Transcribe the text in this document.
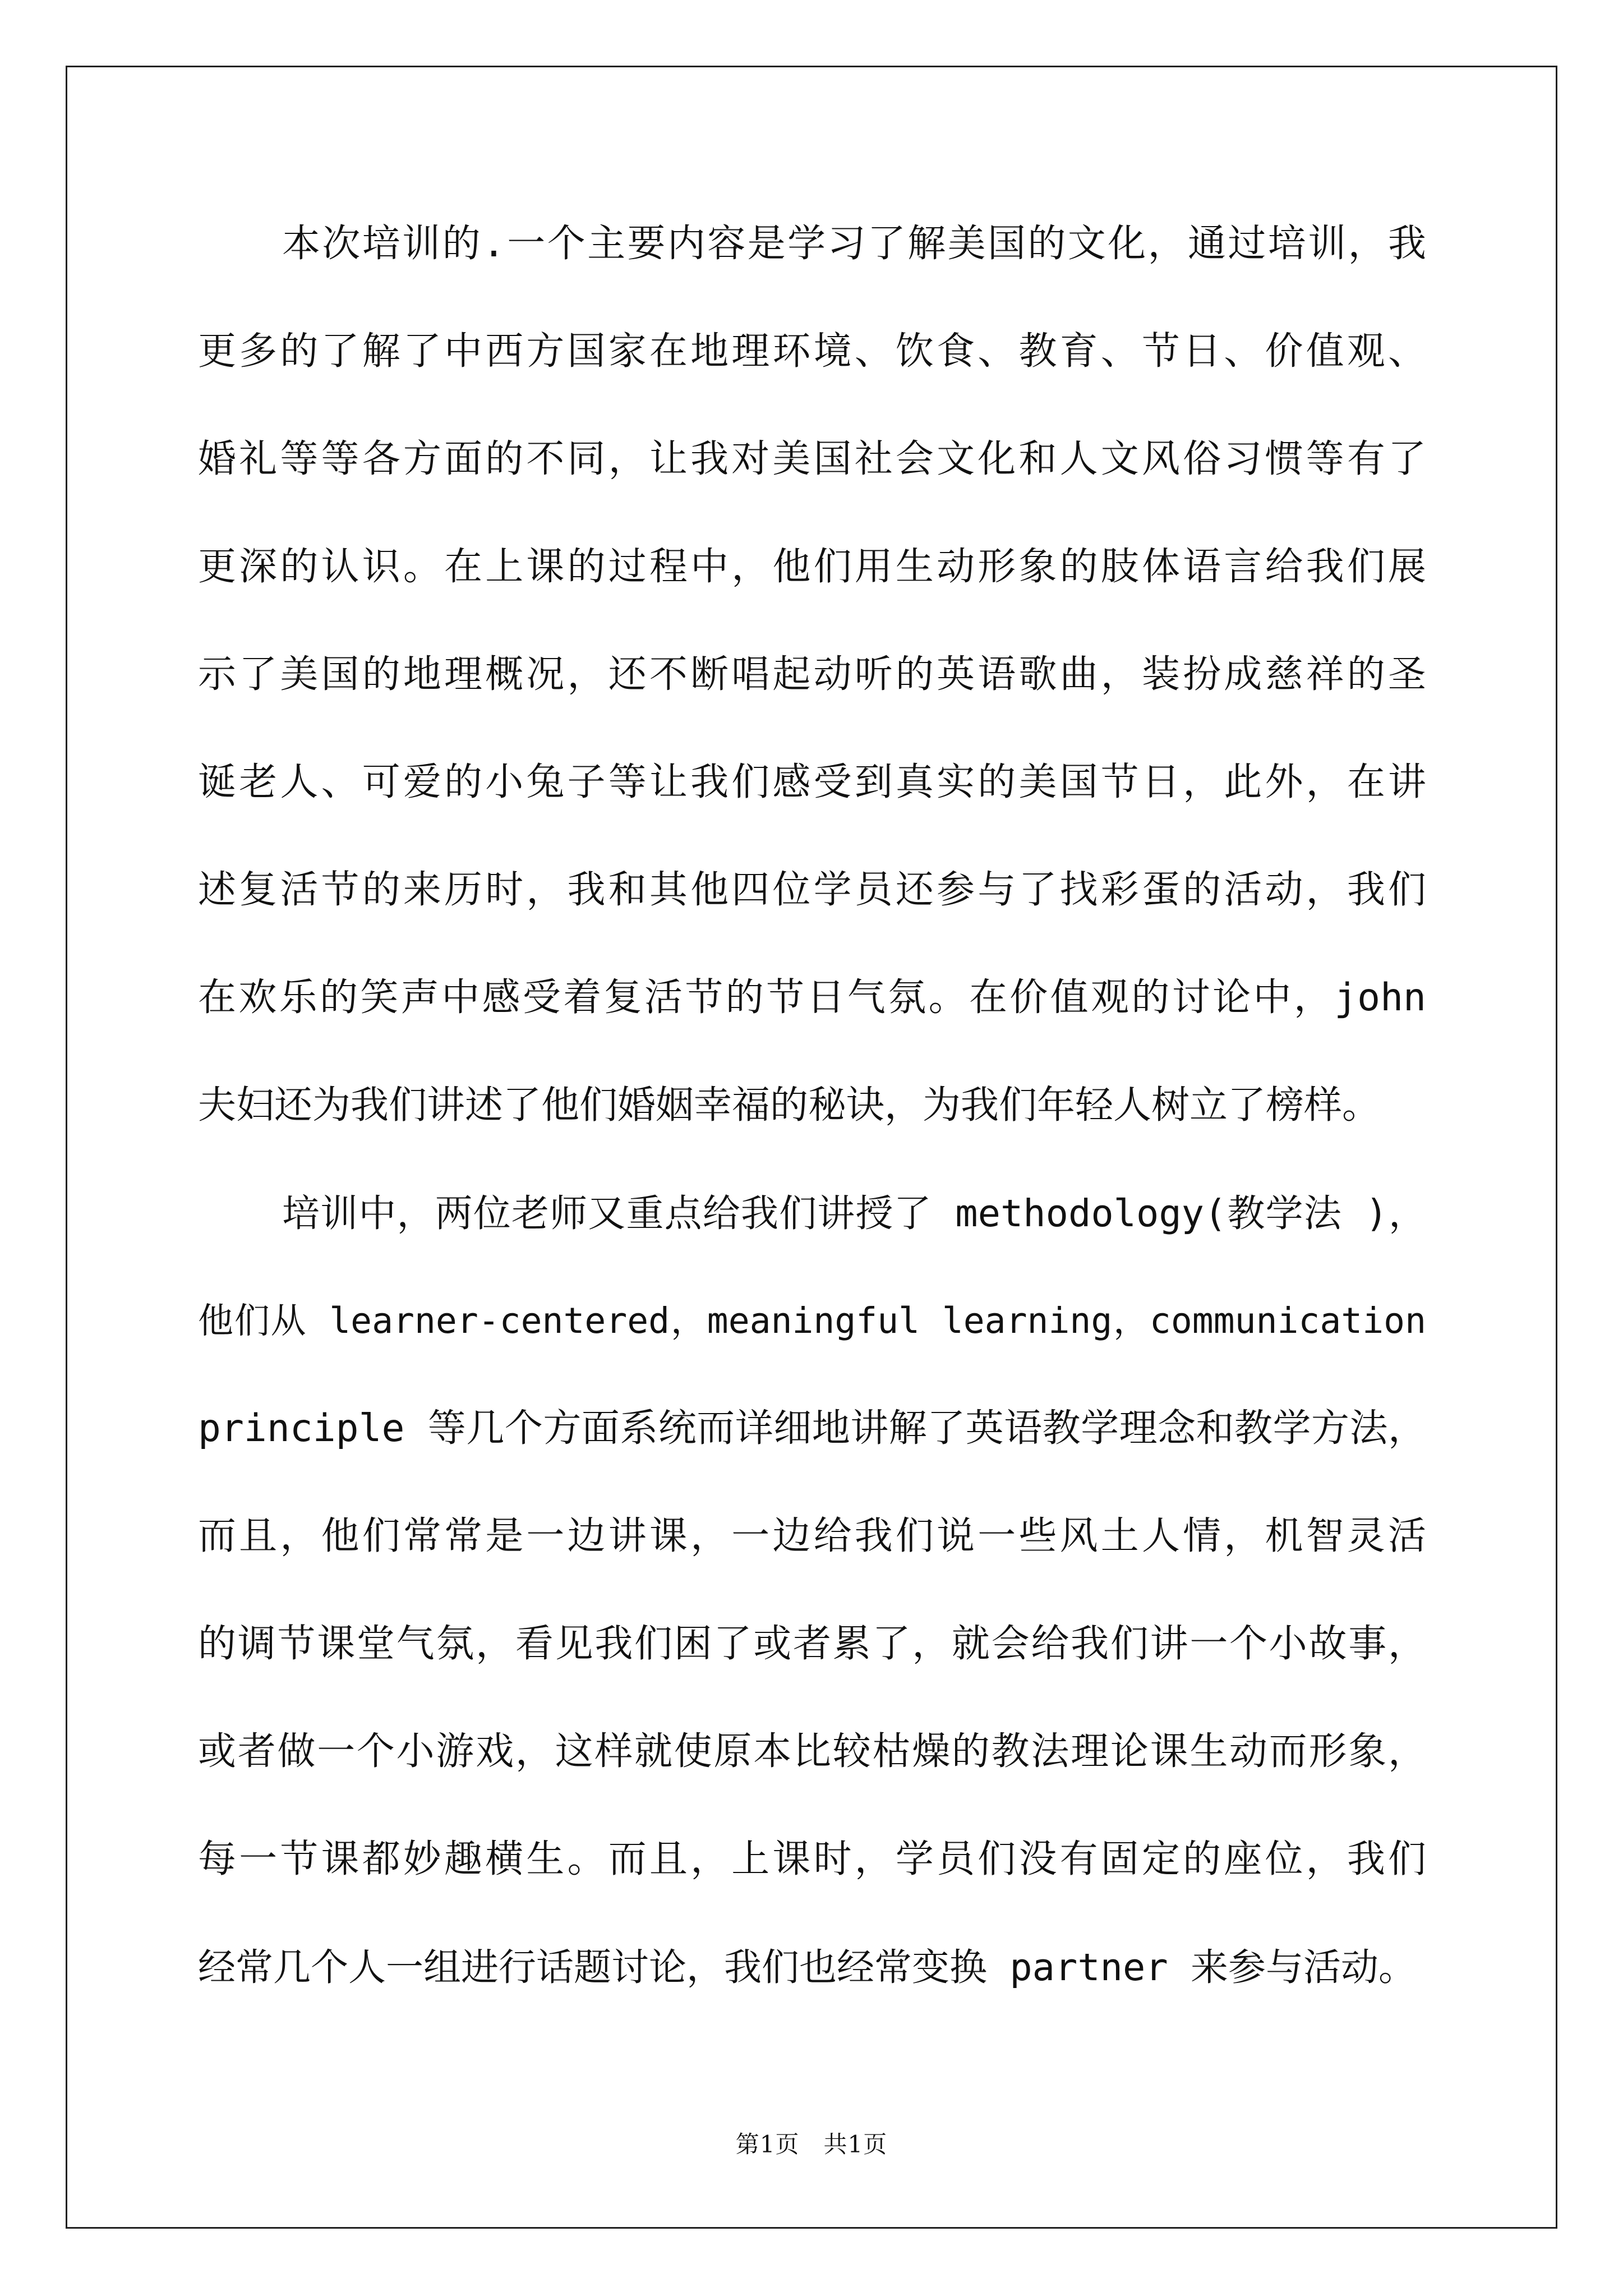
本次培训的.一个主要内容是学习了解美国的文化，通过培训，我
更多的了解了中西方国家在地理环境、饮食、教育、节日、价值观、
婚礼等等各方面的不同，让我对美国社会文化和人文风俗习惯等有了
更深的认识。在上课的过程中，他们用生动形象的肢体语言给我们展
示了美国的地理概况，还不断唱起动听的英语歌曲，装扮成慈祥的圣
诞老人、可爱的小兔子等让我们感受到真实的美国节日，此外，在讲
述复活节的来历时，我和其他四位学员还参与了找彩蛋的活动，我们
在欢乐的笑声中感受着复活节的节日气氛。在价值观的讨论中，john
夫妇还为我们讲述了他们婚姻幸福的秘诀，为我们年轻人树立了榜样。
培训中，两位老师又重点给我们讲授了 methodology(教学法 )，
他们从 learner-centered，meaningful learning，communication
principle 等几个方面系统而详细地讲解了英语教学理念和教学方法，
而且，他们常常是一边讲课，一边给我们说一些风土人情，机智灵活
的调节课堂气氛，看见我们困了或者累了，就会给我们讲一个小故事，
或者做一个小游戏，这样就使原本比较枯燥的教法理论课生动而形象，
每一节课都妙趣横生。而且，上课时，学员们没有固定的座位，我们
经常几个人一组进行话题讨论，我们也经常变换 partner 来参与活动。
第1页　共1页
